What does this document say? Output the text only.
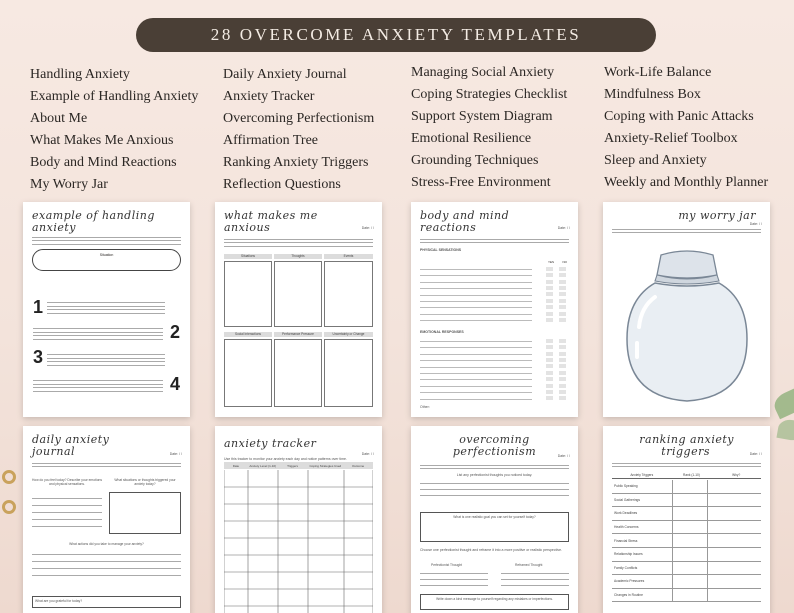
28 OVERCOME ANXIETY TEMPLATES
Handling Anxiety
Example of Handling Anxiety
About Me
What Makes Me Anxious
Body and Mind Reactions
My Worry Jar
Daily Anxiety Journal
Anxiety Tracker
Overcoming Perfectionism
Affirmation Tree
Ranking Anxiety Triggers
Reflection Questions
Managing Social Anxiety
Coping Strategies Checklist
Support System Diagram
Emotional Resilience
Grounding Techniques
Stress-Free Environment
Work-Life Balance
Mindfulness Box
Coping with Panic Attacks
Anxiety-Relief Toolbox
Sleep and Anxiety
Weekly and Monthly Planner
example of handling
anxiety
Situation
1
2
3
4
what makes me
anxious	Date: / /
Situations	Thoughts	Events
Social Interactions	Performance Pressure	Uncertainty or Change
body and mind
reactions	Date: / /
PHYSICAL SENSATIONS
YES	NO
EMOTIONAL RESPONSES
Other:
my worry jar
Date: / /
daily anxiety
journal	Date: / /
How do you feel today? Describe your emotions and physical sensations.
What situations or thoughts triggered your anxiety today?
What actions did you take to manage your anxiety?
What are you grateful for today?
anxiety tracker
Date: / /
Use this tracker to monitor your anxiety each day and notice patterns over time.
Date	Anxiety Level (1-10)	Triggers	Coping Strategies Used	Outcome
overcoming
perfectionism	Date: / /
List any perfectionist thoughts you noticed today.
What is one realistic goal you can set for yourself today?
Choose one perfectionist thought and reframe it into a more positive or realistic perspective.
Perfectionist Thought	Reframed Thought
Write down a kind message to yourself regarding any mistakes or imperfections.
ranking anxiety
triggers	Date: / /
Anxiety Triggers	Rank (1-10)	Why?
Public Speaking
Social Gatherings
Work Deadlines
Health Concerns
Financial Stress
Relationship Issues
Family Conflicts
Academic Pressures
Changes in Routine
